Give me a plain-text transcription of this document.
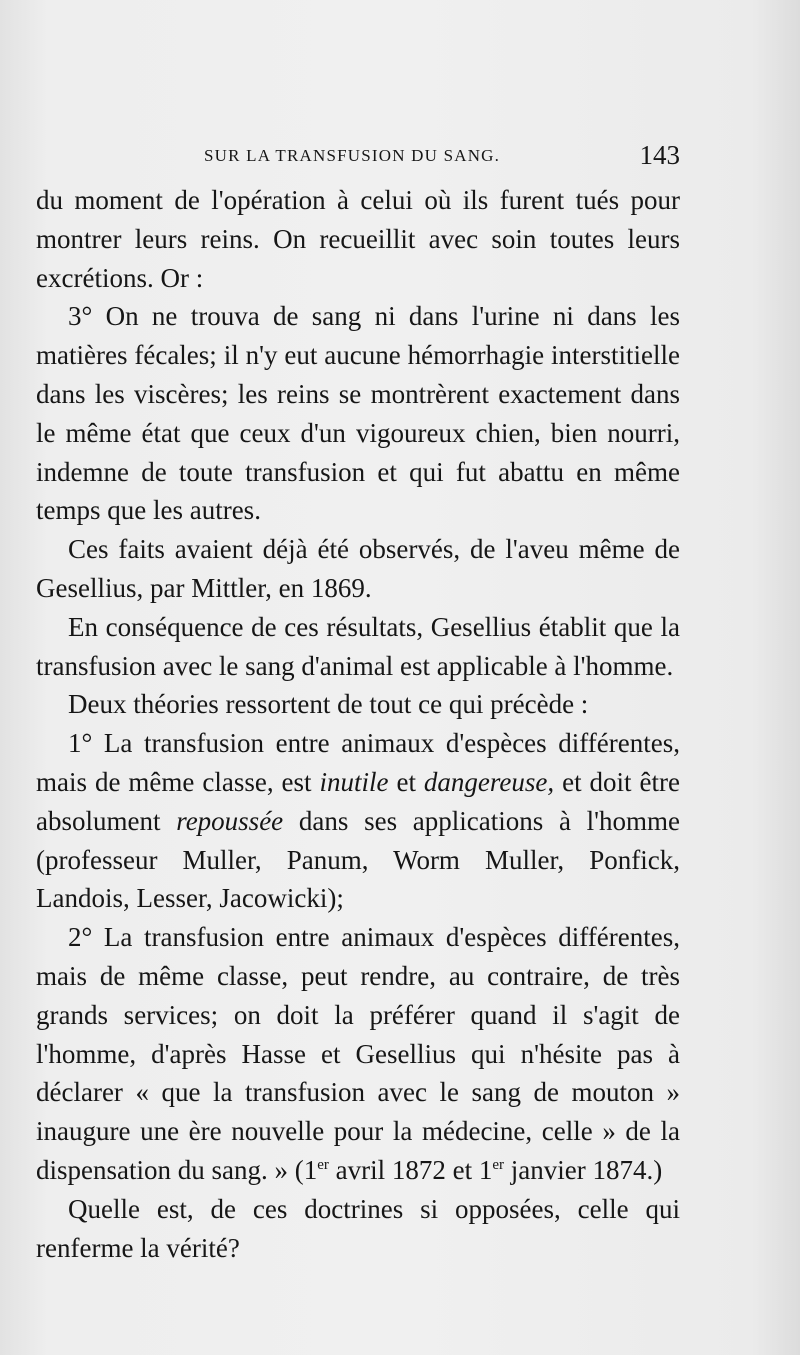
SUR LA TRANSFUSION DU SANG.	143

du moment de l'opération à celui où ils furent tués pour montrer leurs reins. On recueillit avec soin toutes leurs excrétions. Or :

3° On ne trouva de sang ni dans l'urine ni dans les matières fécales; il n'y eut aucune hémorrhagie interstitielle dans les viscères; les reins se montrèrent exactement dans le même état que ceux d'un vigoureux chien, bien nourri, indemne de toute transfusion et qui fut abattu en même temps que les autres.

Ces faits avaient déjà été observés, de l'aveu même de Gesellius, par Mittler, en 1869.

En conséquence de ces résultats, Gesellius établit que la transfusion avec le sang d'animal est applicable à l'homme.

Deux théories ressortent de tout ce qui précède :

1° La transfusion entre animaux d'espèces différentes, mais de même classe, est inutile et dangereuse, et doit être absolument repoussée dans ses applications à l'homme (professeur Muller, Panum, Worm Muller, Ponfick, Landois, Lesser, Jacowicki);

2° La transfusion entre animaux d'espèces différentes, mais de même classe, peut rendre, au contraire, de très grands services; on doit la préférer quand il s'agit de l'homme, d'après Hasse et Gesellius qui n'hésite pas à déclarer « que la transfusion avec le sang de mouton » inaugure une ère nouvelle pour la médecine, celle » de la dispensation du sang. » (1er avril 1872 et 1er janvier 1874.)

Quelle est, de ces doctrines si opposées, celle qui renferme la vérité?
